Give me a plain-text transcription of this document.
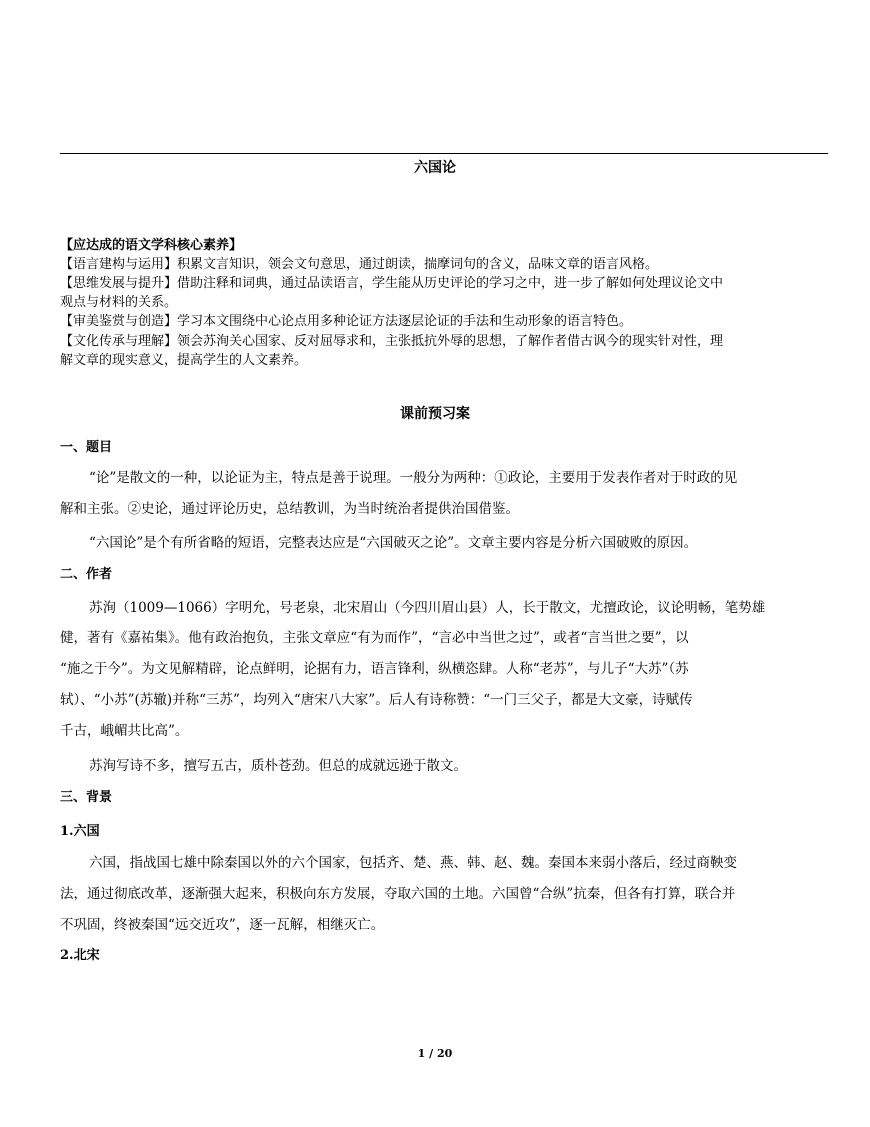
六国论
【应达成的语文学科核心素养】
【语言建构与运用】积累文言知识，领会文句意思，通过朗读，揣摩词句的含义，品味文章的语言风格。
【思维发展与提升】借助注释和词典，通过品读语言，学生能从历史评论的学习之中，进一步了解如何处理议论文中
观点与材料的关系。
【审美鉴赏与创造】学习本文围绕中心论点用多种论证方法逐层论证的手法和生动形象的语言特色。
【文化传承与理解】领会苏洵关心国家、反对屈辱求和，主张抵抗外辱的思想，了解作者借古讽今的现实针对性，理
解文章的现实意义，提高学生的人文素养。
课前预习案
一、题目
“论”是散文的一种，以论证为主，特点是善于说理。一般分为两种：①政论，主要用于发表作者对于时政的见
解和主张。②史论，通过评论历史，总结教训，为当时统治者提供治国借鉴。
“六国论”是个有所省略的短语，完整表达应是“六国破灭之论”。文章主要内容是分析六国破败的原因。
二、作者
苏洵（1009—1066）字明允，号老泉，北宋眉山（今四川眉山县）人，长于散文，尤擅政论，议论明畅，笔势雄
健，著有《嘉祐集》。他有政治抱负，主张文章应“有为而作”，“言必中当世之过”，或者“言当世之要”，以
“施之于今”。为文见解精辟，论点鲜明，论据有力，语言锋利，纵横恣肆。人称“老苏”，与儿子“大苏”（苏
轼）、“小苏”(苏辙)并称“三苏”，均列入“唐宋八大家”。后人有诗称赞：“一门三父子，都是大文豪，诗赋传
千古，峨嵋共比高”。
苏洵写诗不多，擅写五古，质朴苍劲。但总的成就远逊于散文。
三、背景
1.六国
六国，指战国七雄中除秦国以外的六个国家，包括齐、楚、燕、韩、赵、魏。秦国本来弱小落后，经过商鞅变
法，通过彻底改革，逐渐强大起来，积极向东方发展，夺取六国的土地。六国曾“合纵”抗秦，但各有打算，联合并
不巩固，终被秦国“远交近攻”，逐一瓦解，相继灭亡。
2.北宋
1 / 20
